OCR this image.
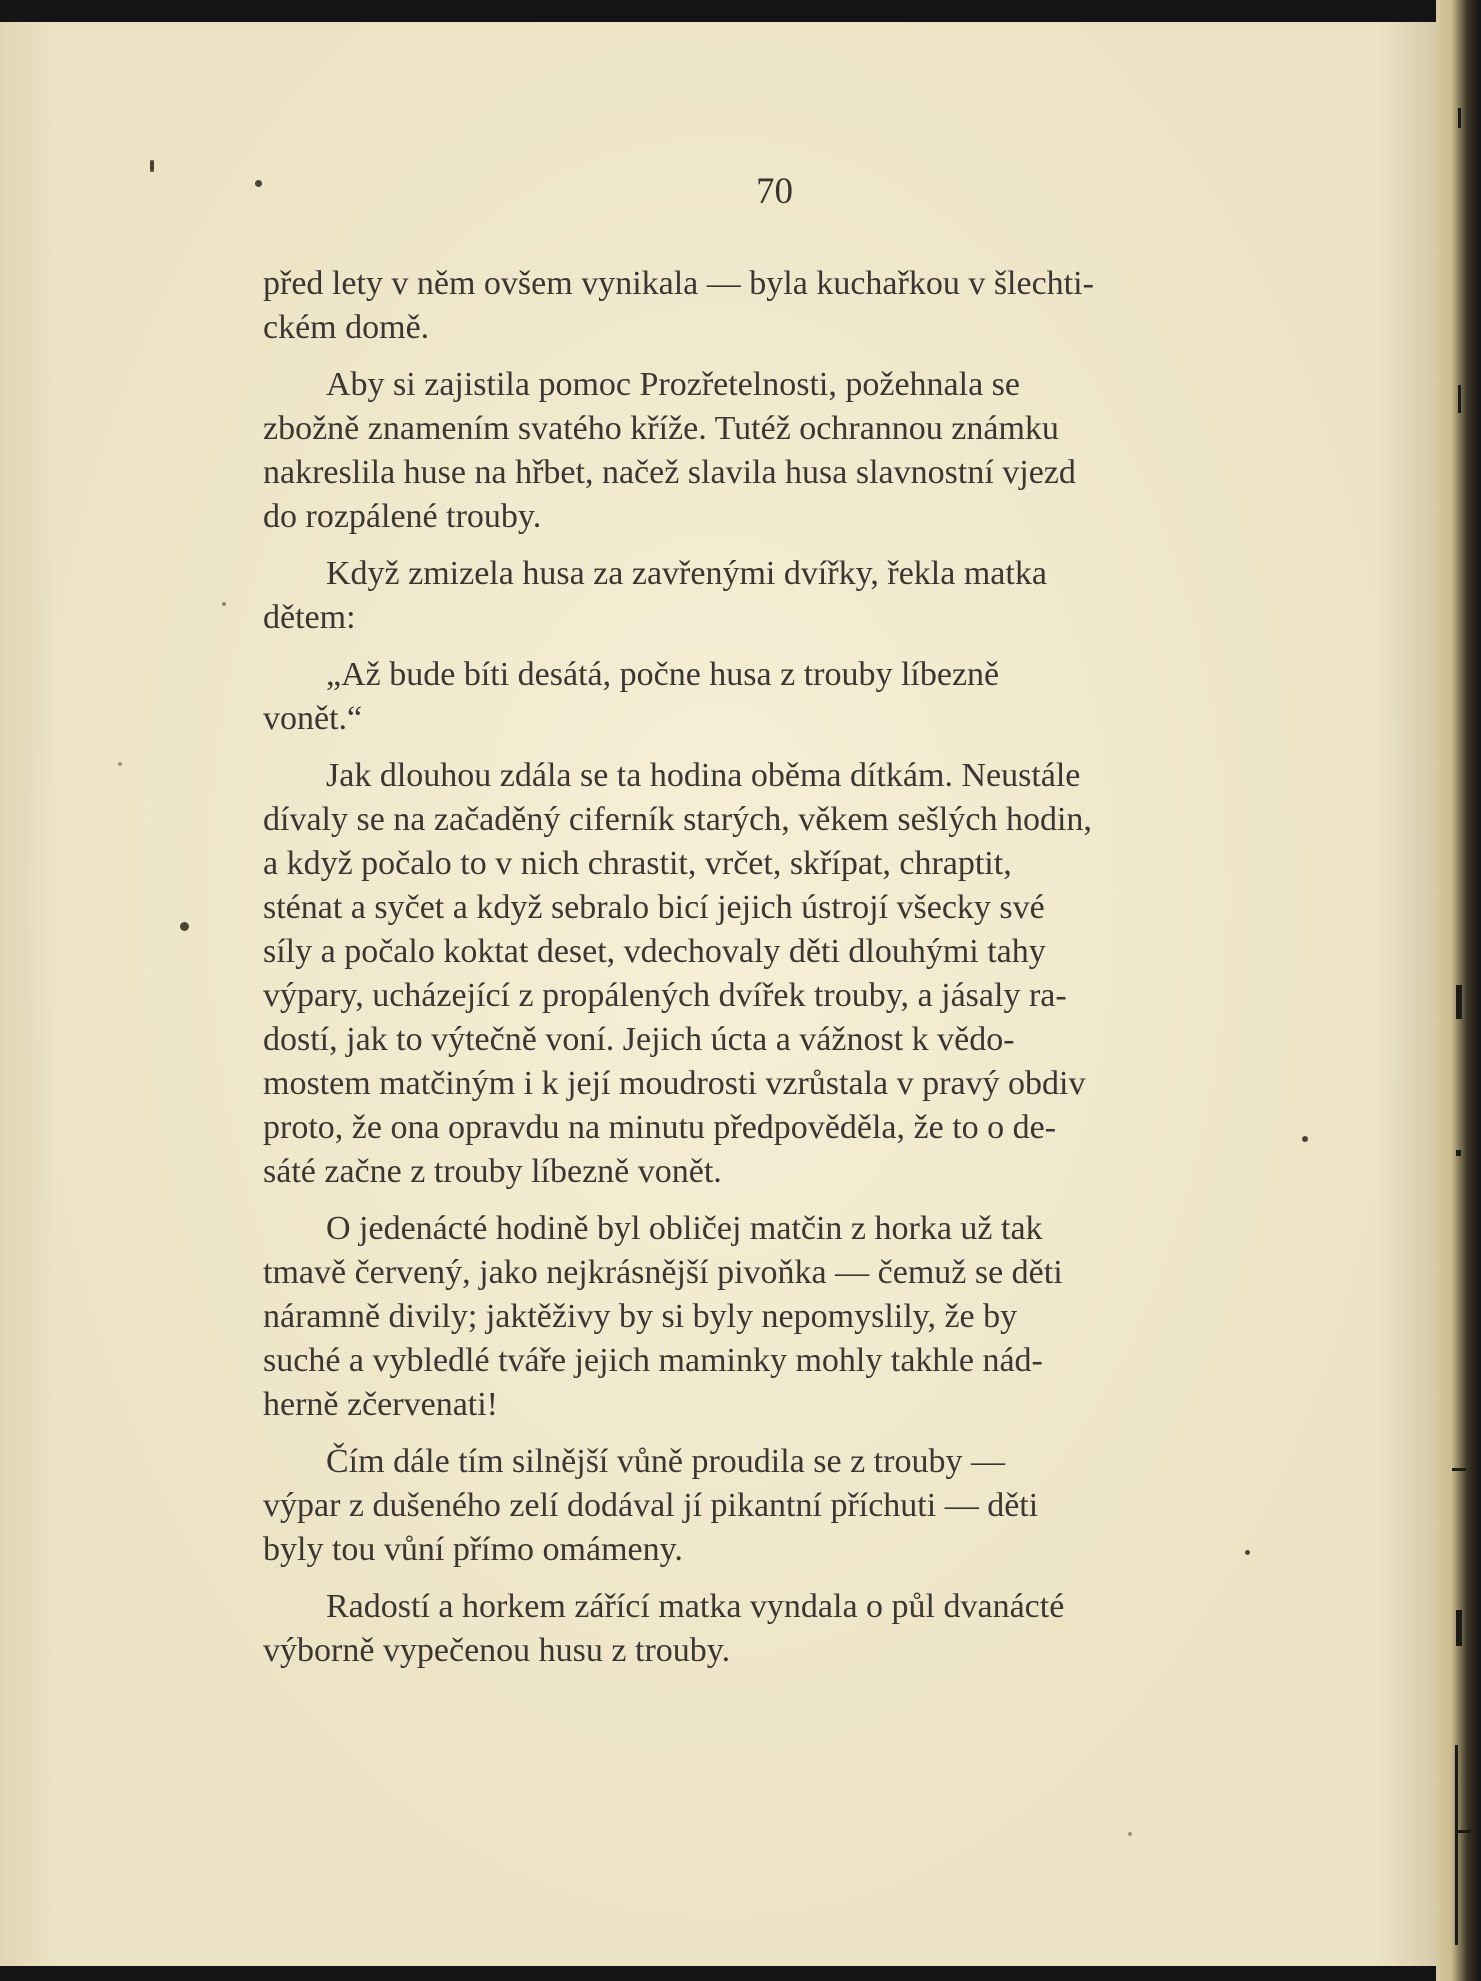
70

před lety v něm ovšem vynikala — byla kuchařkou v šlechti-
ckém domě.

Aby si zajistila pomoc Prozřetelnosti, požehnala se
zbožně znamením svatého kříže. Tutéž ochrannou známku
nakreslila huse na hřbet, načež slavila husa slavnostní vjezd
do rozpálené trouby.

Když zmizela husa za zavřenými dvířky, řekla matka
dětem:

„Až bude bíti desátá, počne husa z trouby líbezně
vonět.“

Jak dlouhou zdála se ta hodina oběma dítkám. Neustále
dívaly se na začaděný ciferník starých, věkem sešlých hodin,
a když počalo to v nich chrastit, vrčet, skřípat, chraptit,
sténat a syčet a když sebralo bicí jejich ústrojí všecky své
síly a počalo koktat deset, vdechovaly děti dlouhými tahy
výpary, ucházející z propálených dvířek trouby, a jásaly ra-
dostí, jak to výtečně voní. Jejich úcta a vážnost k vědo-
mostem matčiným i k její moudrosti vzrůstala v pravý obdiv
proto, že ona opravdu na minutu předpověděla, že to o de-
sáté začne z trouby líbezně vonět.

O jedenácté hodině byl obličej matčin z horka už tak
tmavě červený, jako nejkrásnější pivoňka — čemuž se děti
náramně divily; jaktěživy by si byly nepomyslily, že by
suché a vybledlé tváře jejich maminky mohly takhle nád-
herně zčervenati!

Čím dále tím silnější vůně proudila se z trouby —
výpar z dušeného zelí dodával jí pikantní příchuti — děti
byly tou vůní přímo omámeny.

Radostí a horkem zářící matka vyndala o půl dvanácté
výborně vypečenou husu z trouby.
